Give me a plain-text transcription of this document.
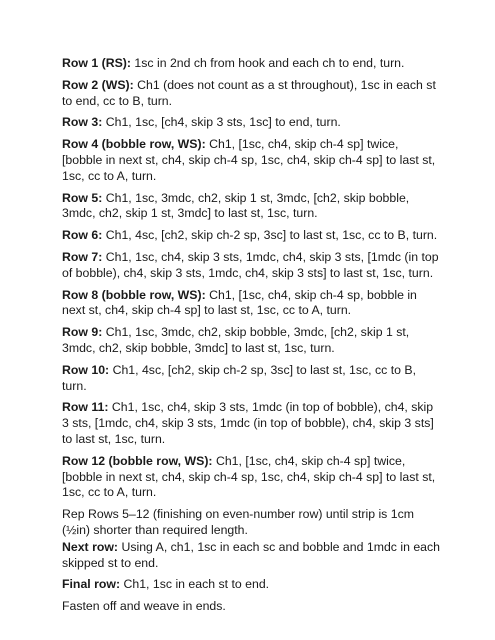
Row 1 (RS): 1sc in 2nd ch from hook and each ch to end, turn.

Row 2 (WS): Ch1 (does not count as a st throughout), 1sc in each st to end, cc to B, turn.

Row 3: Ch1, 1sc, [ch4, skip 3 sts, 1sc] to end, turn.

Row 4 (bobble row, WS): Ch1, [1sc, ch4, skip ch-4 sp] twice, [bobble in next st, ch4, skip ch-4 sp, 1sc, ch4, skip ch-4 sp] to last st, 1sc, cc to A, turn.

Row 5: Ch1, 1sc, 3mdc, ch2, skip 1 st, 3mdc, [ch2, skip bobble, 3mdc, ch2, skip 1 st, 3mdc] to last st, 1sc, turn.

Row 6: Ch1, 4sc, [ch2, skip ch-2 sp, 3sc] to last st, 1sc, cc to B, turn.

Row 7: Ch1, 1sc, ch4, skip 3 sts, 1mdc, ch4, skip 3 sts, [1mdc (in top of bobble), ch4, skip 3 sts, 1mdc, ch4, skip 3 sts] to last st, 1sc, turn.

Row 8 (bobble row, WS): Ch1, [1sc, ch4, skip ch-4 sp, bobble in next st, ch4, skip ch-4 sp] to last st, 1sc, cc to A, turn.

Row 9: Ch1, 1sc, 3mdc, ch2, skip bobble, 3mdc, [ch2, skip 1 st, 3mdc, ch2, skip bobble, 3mdc] to last st, 1sc, turn.

Row 10: Ch1, 4sc, [ch2, skip ch-2 sp, 3sc] to last st, 1sc, cc to B, turn.

Row 11: Ch1, 1sc, ch4, skip 3 sts, 1mdc (in top of bobble), ch4, skip 3 sts, [1mdc, ch4, skip 3 sts, 1mdc (in top of bobble), ch4, skip 3 sts] to last st, 1sc, turn.

Row 12 (bobble row, WS): Ch1, [1sc, ch4, skip ch-4 sp] twice, [bobble in next st, ch4, skip ch-4 sp, 1sc, ch4, skip ch-4 sp] to last st, 1sc, cc to A, turn.

Rep Rows 5–12 (finishing on even-number row) until strip is 1cm (½in) shorter than required length.

Next row: Using A, ch1, 1sc in each sc and bobble and 1mdc in each skipped st to end.

Final row: Ch1, 1sc in each st to end.

Fasten off and weave in ends.
